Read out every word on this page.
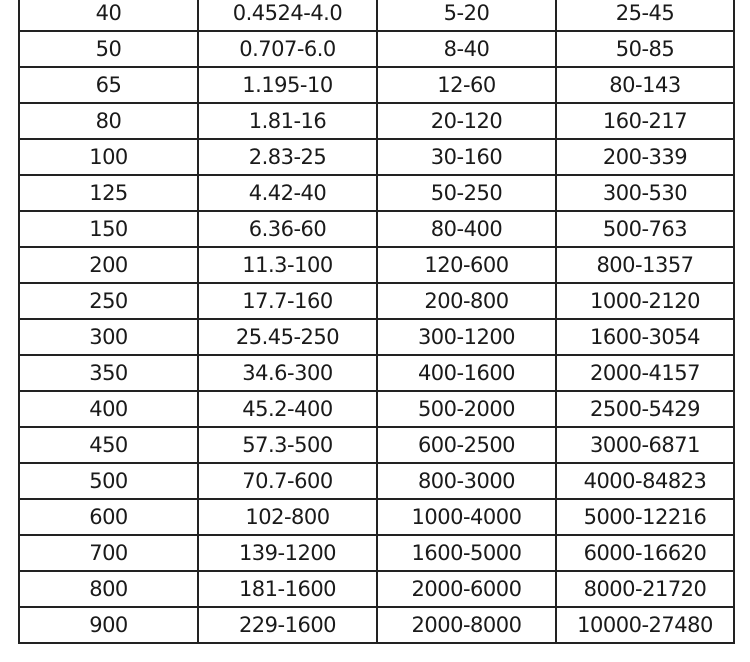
40	0.4524-4.0	5-20	25-45
50	0.707-6.0	8-40	50-85
65	1.195-10	12-60	80-143
80	1.81-16	20-120	160-217
100	2.83-25	30-160	200-339
125	4.42-40	50-250	300-530
150	6.36-60	80-400	500-763
200	11.3-100	120-600	800-1357
250	17.7-160	200-800	1000-2120
300	25.45-250	300-1200	1600-3054
350	34.6-300	400-1600	2000-4157
400	45.2-400	500-2000	2500-5429
450	57.3-500	600-2500	3000-6871
500	70.7-600	800-3000	4000-84823
600	102-800	1000-4000	5000-12216
700	139-1200	1600-5000	6000-16620
800	181-1600	2000-6000	8000-21720
900	229-1600	2000-8000	10000-27480
